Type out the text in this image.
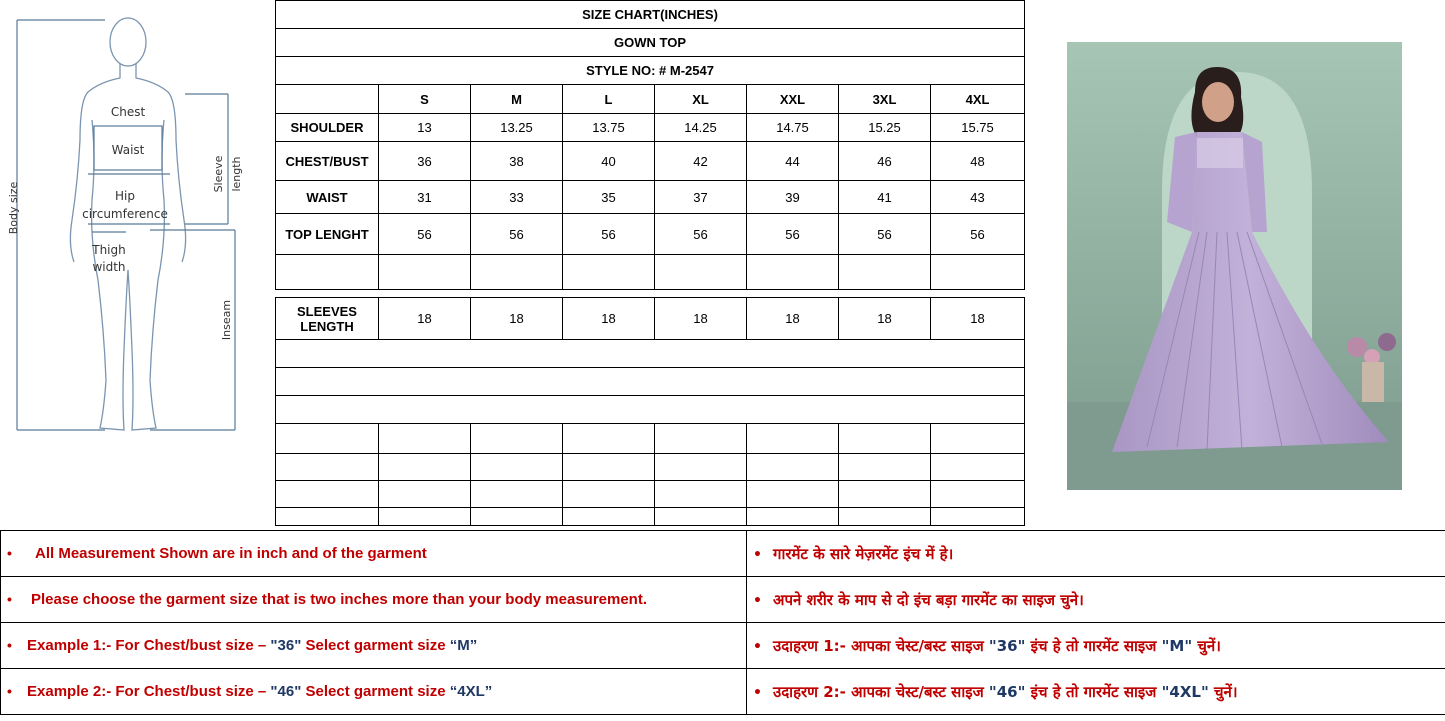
Chest
Waist
Hip
circumference
Thigh
width
Body size
Sleeve length
Inseam
SIZE CHART(INCHES)							
GOWN TOP							
STYLE NO: # M-2547							
	S	M	L	XL	XXL	3XL	4XL
SHOULDER	13	13.25	13.75	14.25	14.75	15.25	15.75
CHEST/BUST	36	38	40	42	44	46	48
WAIST	31	33	35	37	39	41	43
TOP LENGHT	56	56	56	56	56	56	56

SLEEVES
LENGTH	18	18	18	18	18	18	18

• All Measurement Shown are in inch and of the garment	• गारमेंट के सारे मेज़रमेंट इंच में हे।
• Please choose the garment size that is two inches more than your body measurement.	• अपने शरीर के माप से दो इंच बड़ा गारमेंट का साइज चुने।
• Example 1:- For Chest/bust size – "36" Select garment size “M”	• उदाहरण 1:- आपका चेस्ट/बस्ट साइज "36" इंच हे तो गारमेंट साइज "M" चुनें।
• Example 2:- For Chest/bust size – "46" Select garment size “4XL”	• उदाहरण 2:- आपका चेस्ट/बस्ट साइज "46" इंच हे तो गारमेंट साइज "4XL" चुनें।
